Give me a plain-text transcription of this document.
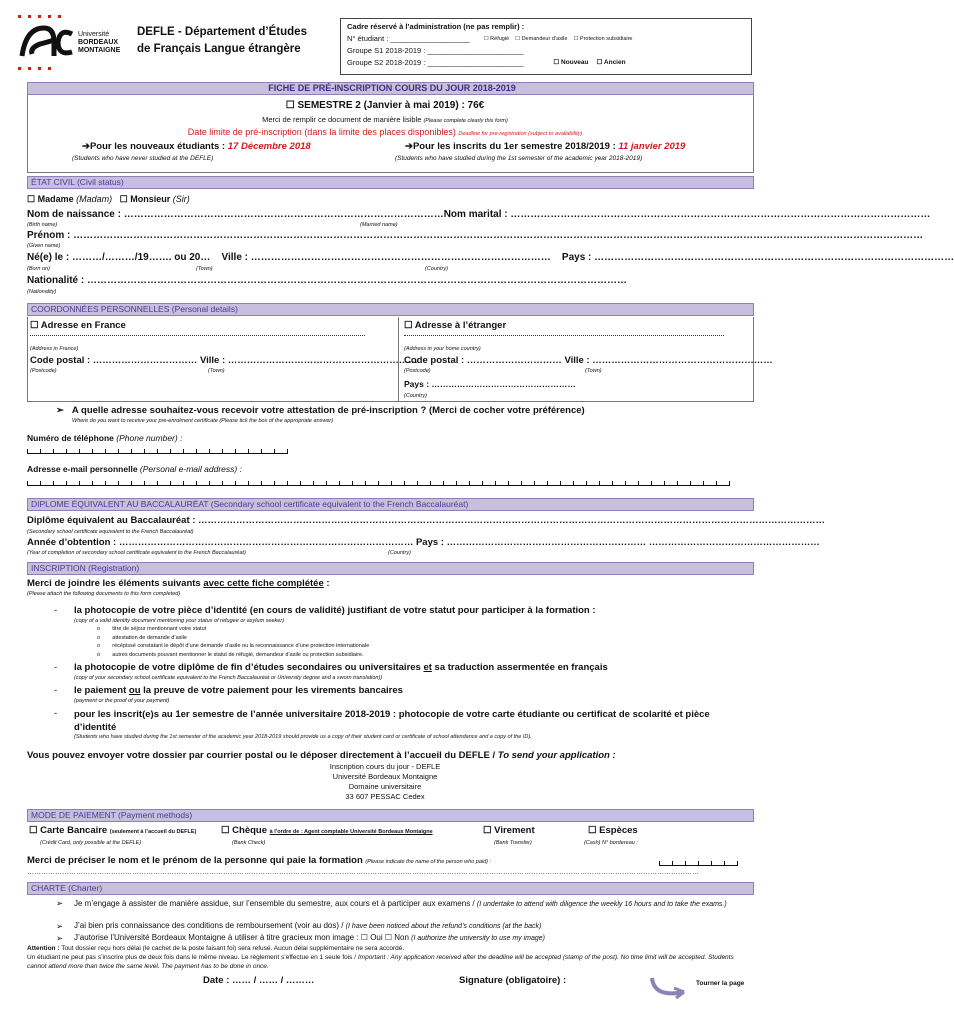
Université
BORDEAUX
MONTAIGNE
DEFLE - Département d’Études
de Français Langue étrangère
Cadre réservé à l’administration (ne pas remplir) :
N° étudiant : ___________________	☐ Réfugié ☐ Demandeur d’asile ☐ Protection subsidiaire
Groupe S1 2018-2019 : _______________________
Groupe S2 2018-2019 : _______________________	☐ Nouveau ☐ Ancien
FICHE DE PRÉ-INSCRIPTION COURS DU JOUR 2018-2019
☐ SEMESTRE 2 (Janvier à mai 2019) : 76€
Merci de remplir ce document de manière lisible (Please complete clearly this form)
Date limite de pré-inscription (dans la limite des places disponibles) Deadline for pre-registration (subject to availability)
➔Pour les nouveaux étudiants : 17 Décembre 2018
(Students who have never studied at the DEFLE)
➔Pour les inscrits du 1er semestre 2018/2019 : 11 janvier 2019
(Students who have studied during the 1st semester of the academic year 2018-2019)
ÉTAT CIVIL (Civil status)
☐ Madame (Madam) ☐ Monsieur (Sir)
Nom de naissance : ……………………………………………………………………………………Nom marital : ………………………………………………………………………………………………………………
(Birth name)	(Married name)
Prénom : …………………………………………………………………………………………………………………………………………………………………………………………………………………………………
(Given name)
Né(e) le : ………/………/19……. ou 20… Ville : ……………………………………………………………………………… Pays : ………………………………………………………………………………………………
(Born on)	(Town)	(Country)
Nationalité : ………………………………………………………………………………………………………………………………………………
(Nationality)
COORDONNÉES PERSONNELLES (Personal details)
☐ Adresse en France	☐ Adresse à l’étranger
(Address in France)	(Address in your home country)
Code postal : …………………………… Ville : ……………………………………………………
Code postal : ………………………… Ville : …………………………………………………
(Postcode)	(Town)	(Postcode)	(Town)
Pays : ……………………………………………
(Country)
➢ A quelle adresse souhaitez-vous recevoir votre attestation de pré-inscription ? (Merci de cocher votre préférence)
Where do you want to receive your pre-enrolment certificate (Please tick the box of the appropriate answer)
Numéro de téléphone (Phone number) :
Adresse e-mail personnelle (Personal e-mail address) :
DIPLOME ÉQUIVALENT AU BACCALAURÉAT (Secondary school certificate equivalent to the French Baccalauréat)
Diplôme équivalent au Baccalauréat : ………………………………………………………………………………………………………………………………………………………………………………
(Secondary school certificate equivalent to the French Baccalauréat)
Année d’obtention : ………………………………………………………………………………… Pays : ……………………………………………………… ………………………………………………
(Year of completion of secondary school certificate equivalent to the French Baccalauréat)	(Country)
INSCRIPTION (Registration)
Merci de joindre les éléments suivants avec cette fiche complétée :
(Please attach the following documents to this form completed)
- la photocopie de votre pièce d’identité (en cours de validité) justifiant de votre statut pour participer à la formation :
(copy of a valid identity document mentioning your status of refugee or asylum seeker)
o titre de séjour mentionnant votre statut
o attestation de demande d’asile
o récépissé constatant le dépôt d’une demande d’asile ou la reconnaissance d’une protection internationale
o autres documents pouvant mentionner le statut de réfugié, demandeur d’asile ou protection subsidiaire.
- la photocopie de votre diplôme de fin d’études secondaires ou universitaires et sa traduction assermentée en français
(copy of your secondary school certificate equivalent to the French Baccalauréat or University degree and a sworn translation))
- le paiement ou la preuve de votre paiement pour les virements bancaires
(payment or the proof of your payment)
- pour les inscrit(e)s au 1er semestre de l’année universitaire 2018-2019 : photocopie de votre carte étudiante ou certificat de scolarité et pièce d’identité
(Students who have studied during the 1st semester of the academic year 2018-2019 should provide us a copy of their student card or certificate of school attendance and a copy of the ID).
Vous pouvez envoyer votre dossier par courrier postal ou le déposer directement à l’accueil du DEFLE / To send your application :
Inscription cours du jour - DEFLE
Université Bordeaux Montaigne
Domaine universitaire
33 607 PESSAC Cedex
MODE DE PAIEMENT (Payment methods)
☐ Carte Bancaire (seulement à l’accueil du DEFLE)	☐ Chèque à l’ordre de : Agent comptable Université Bordeaux Montaigne	☐ Virement	☐ Espèces
(Crédit Card, only possible at the DEFLE)	(Bank Check)	(Bank Transfer)	(Cash) N° bordereau :
Merci de préciser le nom et le prénom de la personne qui paie la formation (Please indicate the name of the person who paid) :
………………………………………………………………………………………………………………………………………………………………………………………………………………………………………………………………
CHARTE (Charter)
➢ Je m’engage à assister de manière assidue, sur l’ensemble du semestre, aux cours et à participer aux examens / (I undertake to attend with diligence the weekly 16 hours and to take the exams.)
➢ J’ai bien pris connaissance des conditions de remboursement (voir au dos) / (I have been noticed about the refund’s conditions (at the back)
➢ J’autorise l’Université Bordeaux Montaigne à utiliser à titre gracieux mon image : ☐ Oui ☐ Non (I authorize the university to use my image)
Attention : Tout dossier reçu hors délai (le cachet de la poste faisant foi) sera refusé. Aucun délai supplémentaire ne sera accordé.
Un étudiant ne peut pas s’inscrire plus de deux fois dans le même niveau. Le règlement s’effectue en 1 seule fois / Important : Any application received after the deadline will be accepted (stamp of the post). No time limit will be accepted. Students cannot attend more than twice the same level. The payment has to be done in once.
Date : …… / …… / ………	Signature (obligatoire) :	Tourner la page
